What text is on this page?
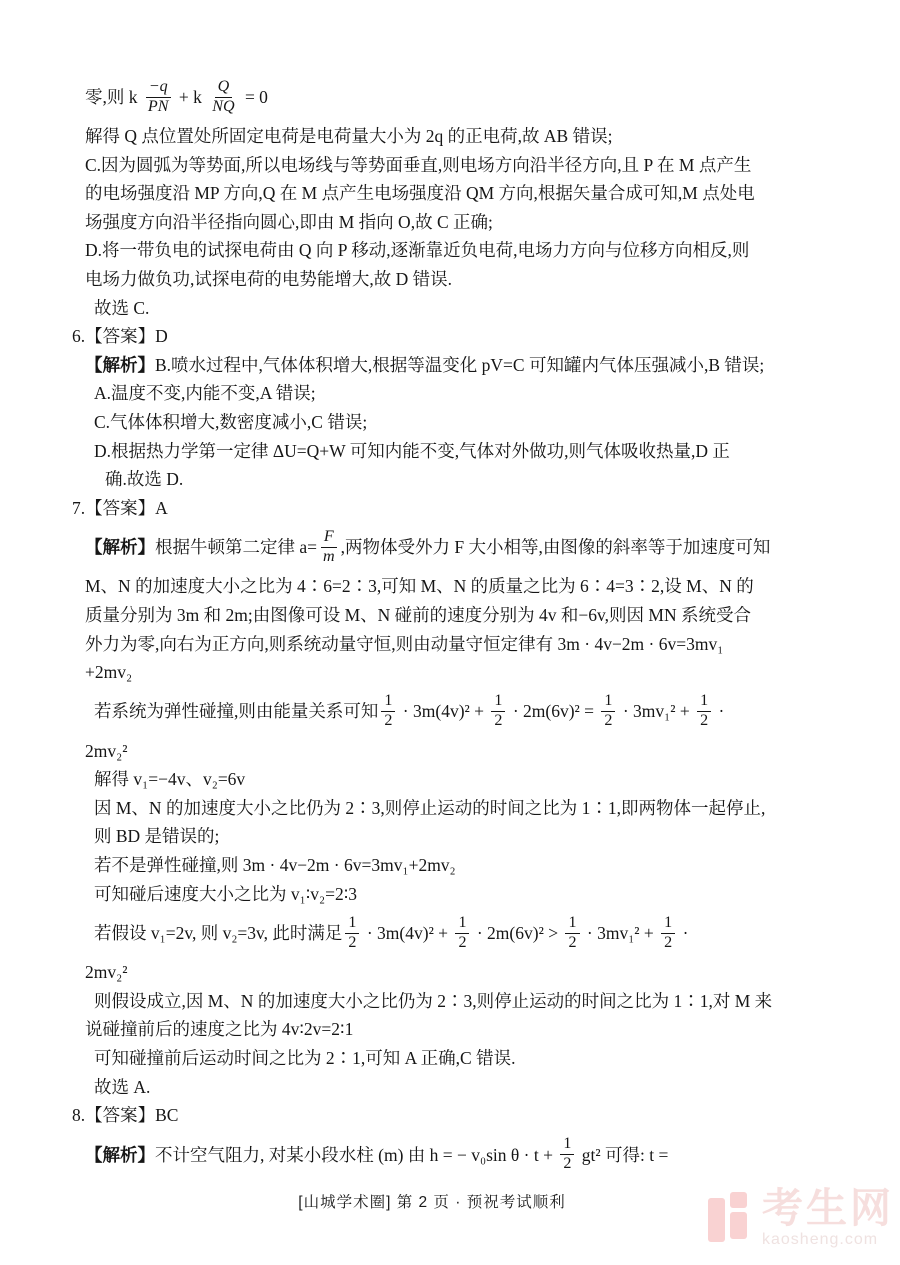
零,则 k $\frac{-q}{PN} + k \frac{Q}{NQ} = 0$
解得 Q 点位置处所固定电荷是电荷量大小为 2q 的正电荷,故 AB 错误;
C.因为圆弧为等势面,所以电场线与等势面垂直,则电场方向沿半径方向,且 P 在 M 点产生
的电场强度沿 MP 方向,Q 在 M 点产生电场强度沿 QM 方向,根据矢量合成可知,M 点处电
场强度方向沿半径指向圆心,即由 M 指向 O,故 C 正确;
D.将一带负电的试探电荷由 Q 向 P 移动,逐渐靠近负电荷,电场力方向与位移方向相反,则
电场力做负功,试探电荷的电势能增大,故 D 错误.
故选 C.
6.【答案】D
【解析】B.喷水过程中,气体体积增大,根据等温变化 pV=C 可知罐内气体压强减小,B 错误;
A.温度不变,内能不变,A 错误;
C.气体体积增大,数密度减小,C 错误;
D.根据热力学第一定律 ΔU=Q+W 可知内能不变,气体对外做功,则气体吸收热量,D 正
确.故选 D.
7.【答案】A
【解析】 根据牛顿第二定律 $a= \frac{F}{m}$ ,两物体受外力 F 大小相等,由图像的斜率等于加速度可知
M、N 的加速度大小之比为 4∶6=2∶3,可知 M、N 的质量之比为 6∶4=3∶2,设 M、N 的
质量分别为 3m 和 2m;由图像可设 M、N 碰前的速度分别为 4v 和−6v,则因 MN 系统受合
外力为零,向右为正方向,则系统动量守恒,则由动量守恒定律有 3m · 4v−2m · 6v=3mv₁
+2mv₂
若系统为弹性碰撞,则由能量关系可知 $\frac{1}{2} \cdot 3m(4v)^2 + \frac{1}{2} \cdot 2m(6v)^2 = \frac{1}{2} \cdot 3mv_1^2 + \frac{1}{2}$ ·
2mv₂²
解得 v₁=−4v、v₂=6v
因 M、N 的加速度大小之比仍为 2∶3,则停止运动的时间之比为 1∶1,即两物体一起停止,
则 BD 是错误的;
若不是弹性碰撞,则 3m · 4v−2m · 6v=3mv₁+2mv₂
可知碰后速度大小之比为 v₁∶v₂=2∶3
若假设 v₁=2v, 则 v₂=3v, 此时满足 $\frac{1}{2} \cdot 3m(4v)^2 + \frac{1}{2} \cdot 2m(6v)^2 > \frac{1}{2} \cdot 3mv_1^2 + \frac{1}{2}$ ·
2mv₂²
则假设成立,因 M、N 的加速度大小之比仍为 2∶3,则停止运动的时间之比为 1∶1,对 M 来
说碰撞前后的速度之比为 4v∶2v=2∶1
可知碰撞前后运动时间之比为 2∶1,可知 A 正确,C 错误.
故选 A.
8.【答案】BC
【解析】 不计空气阻力, 对某小段水柱 (m) 由 h = − v₀sin $\theta \cdot t + \frac{1}{2} gt^2$ 可得: t =
[山城学术圈] 第 2 页 · 预祝考试顺利	考生网
kaosheng.com
